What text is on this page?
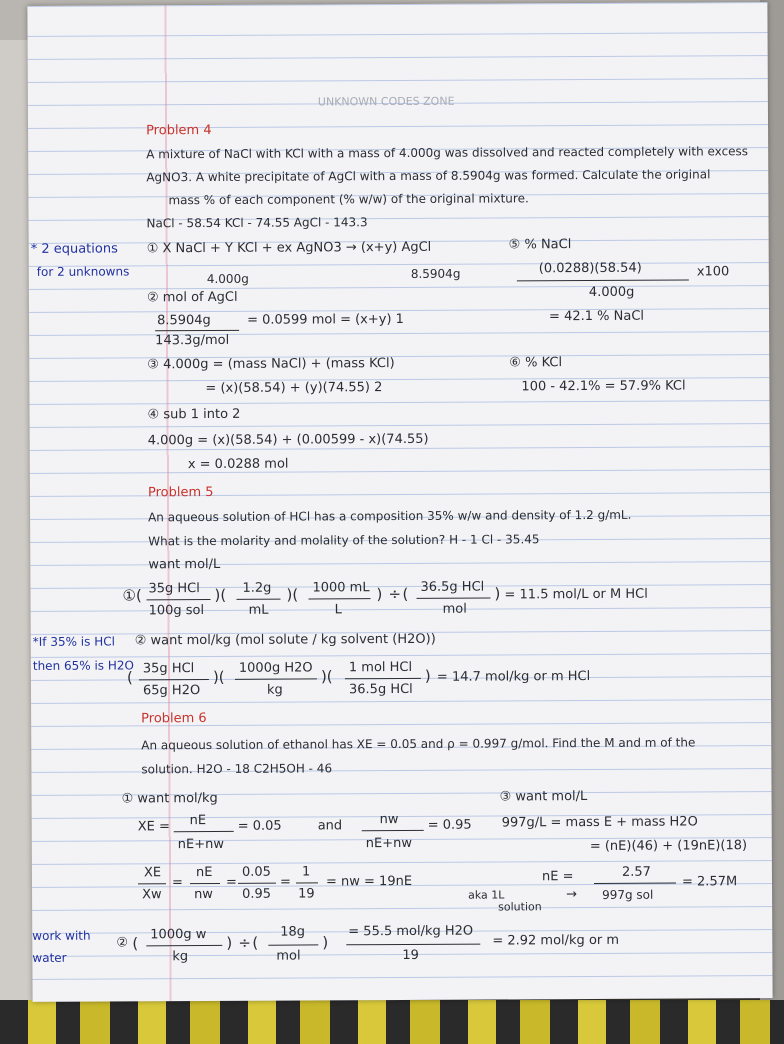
UNKNOWN CODES ZONE
Problem 4
A mixture of NaCl with KCl with a mass of 4.000g was dissolved and reacted completely with excess
AgNO3. A white precipitate of AgCl with a mass of 8.5904g was formed. Calculate the original
mass % of each component (% w/w) of the original mixture.
NaCl - 58.54 KCl - 74.55 AgCl - 143.3
* 2 equations
for 2 unknowns
① X NaCl + Y KCl + ex AgNO3 → (x+y) AgCl
4.000g	8.5904g
② mol of AgCl
8.5904g
143.3g/mol
= 0.0599 mol = (x+y) 1
③ 4.000g = (mass NaCl) + (mass KCl)
= (x)(58.54) + (y)(74.55) 2
④ sub 1 into 2
4.000g = (x)(58.54) + (0.00599 - x)(74.55)
x = 0.0288 mol
⑤ % NaCl
(0.0288)(58.54)
4.000g
x100
= 42.1 % NaCl
⑥ % KCl
100 - 42.1% = 57.9% KCl
Problem 5
An aqueous solution of HCl has a composition 35% w/w and density of 1.2 g/mL.
What is the molarity and molality of the solution? H - 1 Cl - 35.45
want mol/L
①( 35g HCl
100g sol
)( 1.2g
mL
)( 1000 mL
L
) ÷ ( 36.5g HCl
mol
) = 11.5 mol/L or M HCl
*If 35% is HCl
then 65% is H2O
② want mol/kg (mol solute / kg solvent (H2O))
( 35g HCl
65g H2O
)( 1000g H2O
kg
)( 1 mol HCl
36.5g HCl
) = 14.7 mol/kg or m HCl
Problem 6
An aqueous solution of ethanol has XE = 0.05 and ρ = 0.997 g/mol. Find the M and m of the
solution. H2O - 18 C2H5OH - 46
① want mol/kg
XE = nE
nE+nw
= 0.05	and	nw
nE+nw
= 0.95
XE
Xw
=
nE
nw
=
0.05
0.95
=
1
19
= nw = 19nE
③ want mol/L
997g/L = mass E + mass H2O
= (nE)(46) + (19nE)(18)
nE =	2.57
997g sol
= 2.57M
aka 1L
solution
→
work with
water
② ( 1000g w
kg
) ÷ (
18g
mol
)
= 55.5 mol/kg H2O
19
= 2.92 mol/kg or m
